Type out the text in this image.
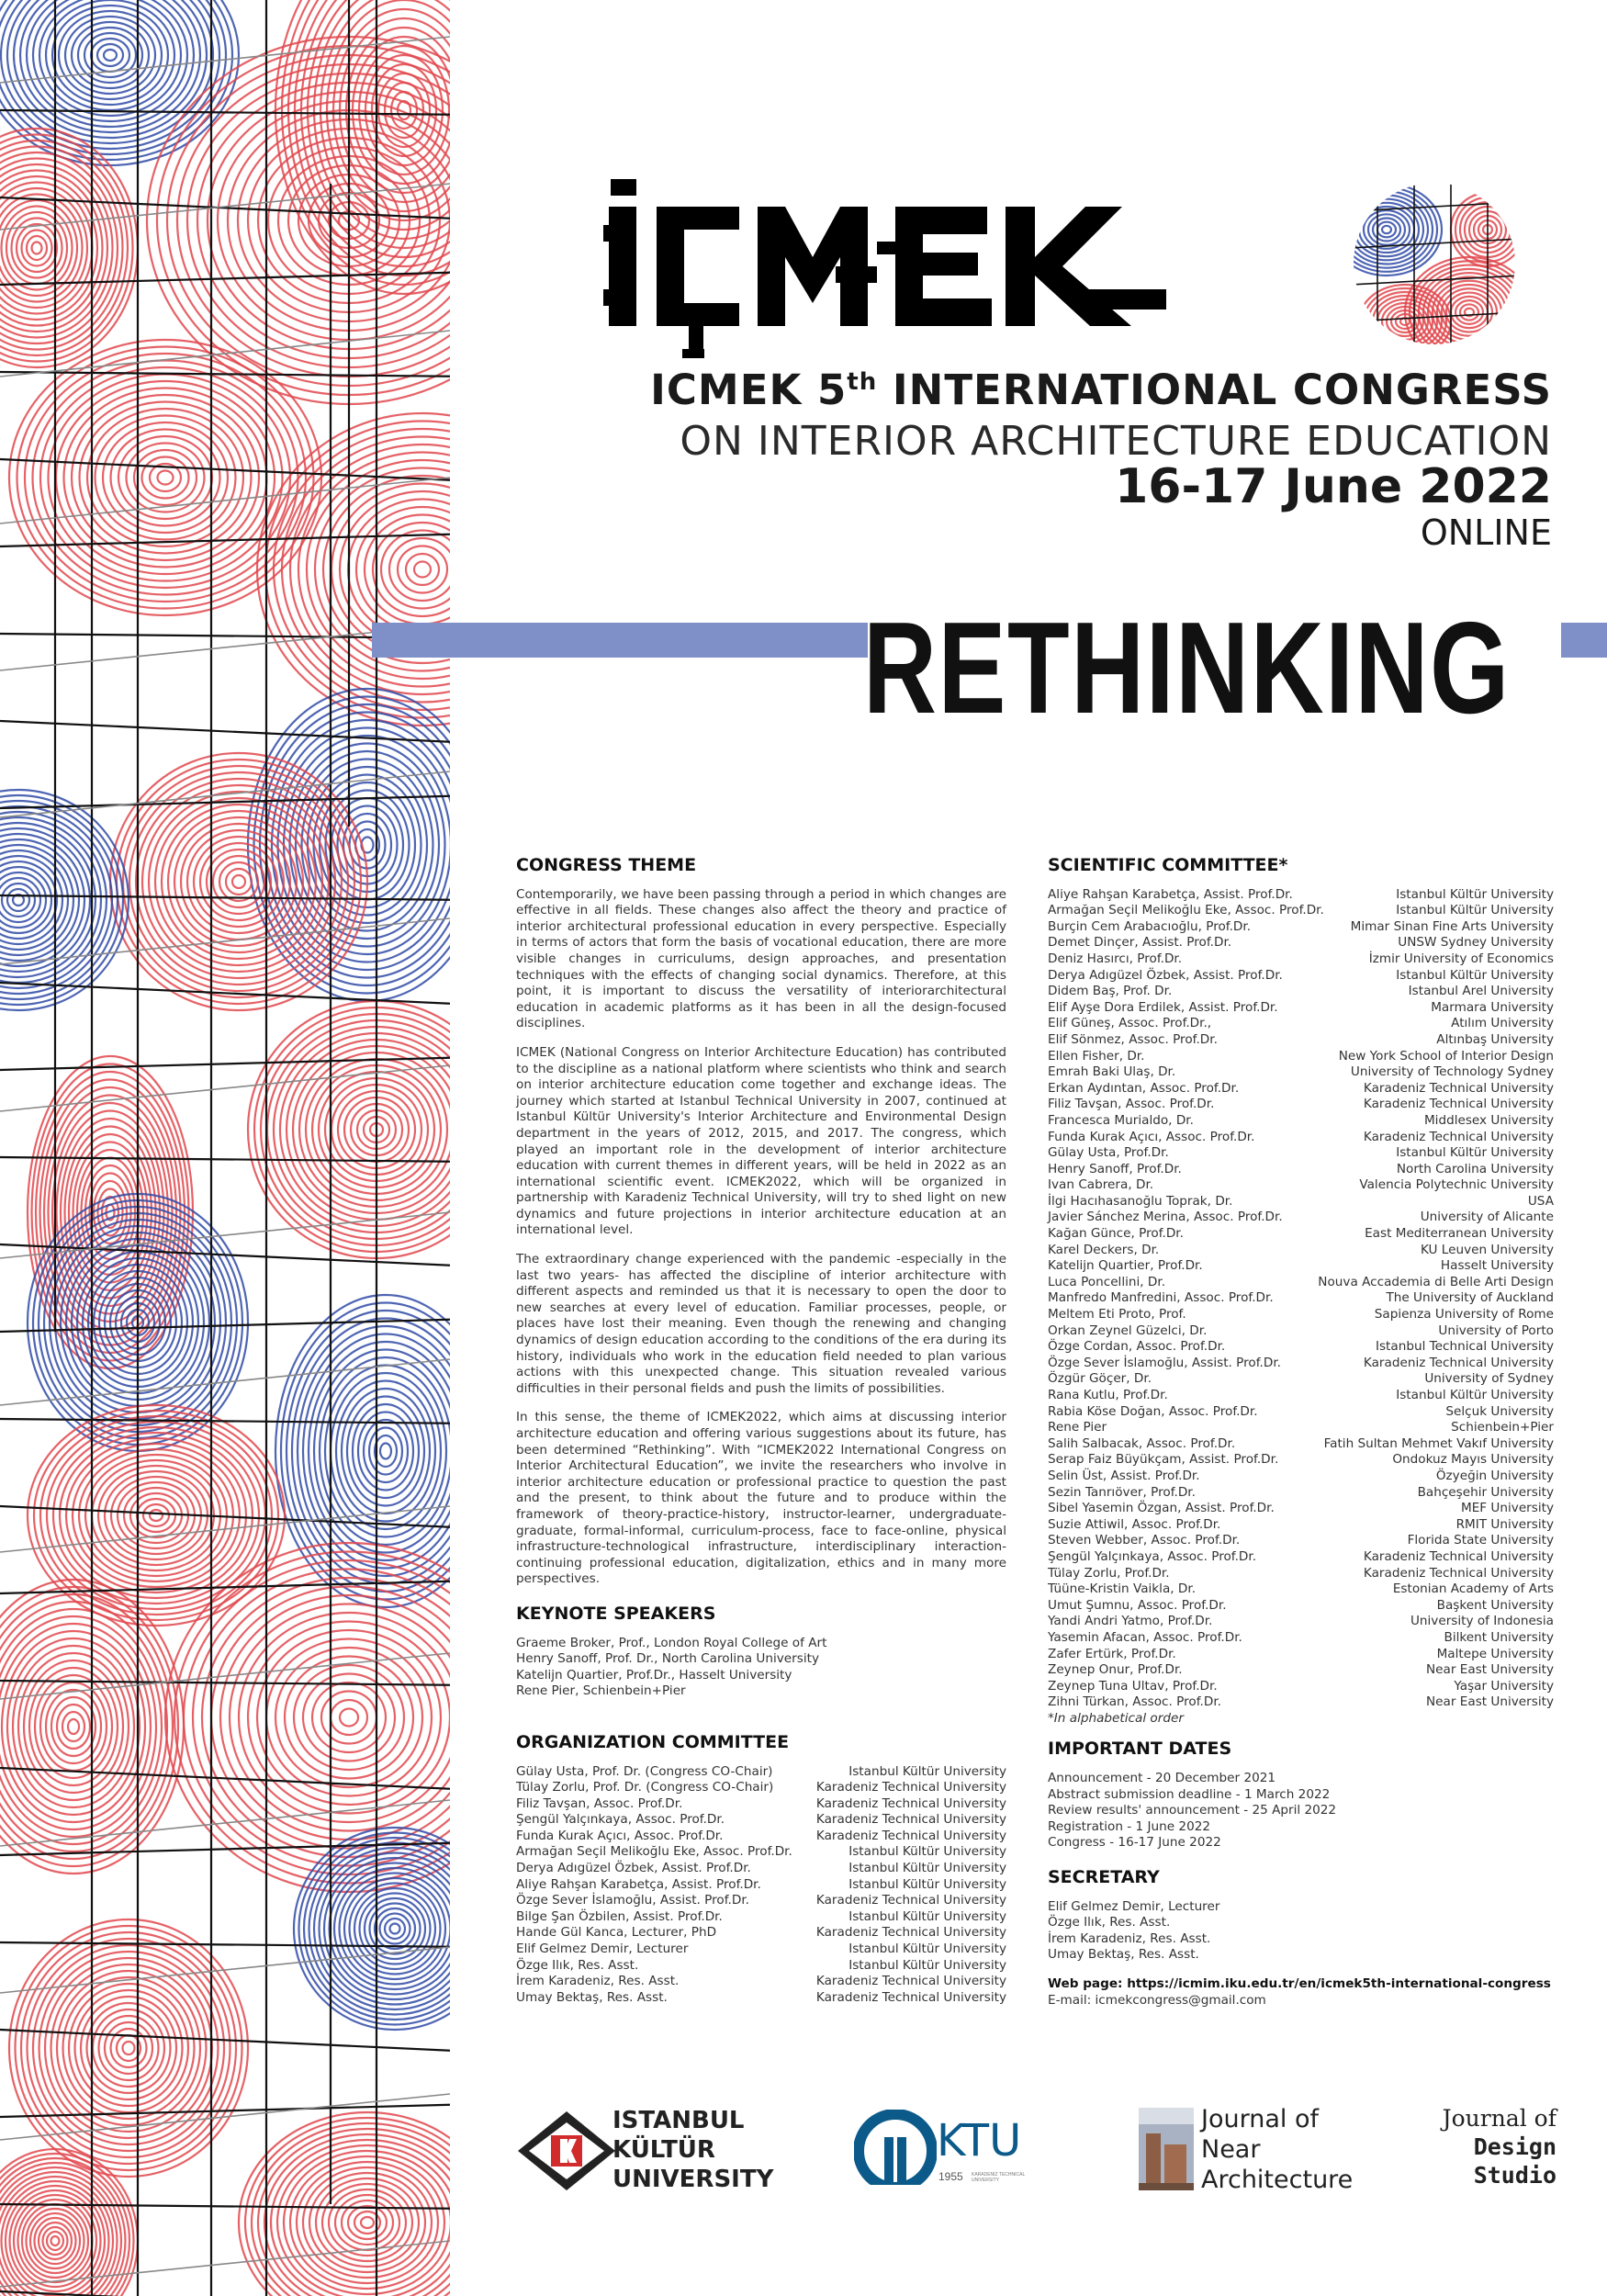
ICMEK 5th INTERNATIONAL CONGRESS
ON INTERIOR ARCHITECTURE EDUCATION
16-17 June 2022
ONLINE
RETHINKING
CONGRESS THEME
Contemporarily, we have been passing through a period in which changes are effective in all fields. These changes also affect the theory and practice of interior architectural professional education in every perspective. Especially in terms of actors that form the basis of vocational education, there are more visible changes in curriculums, design approaches, and presentation techniques with the effects of changing social dynamics. Therefore, at this point, it is important to discuss the versatility of interiorarchitectural education in academic platforms as it has been in all the design-focused disciplines.
ICMEK (National Congress on Interior Architecture Education) has contributed to the discipline as a national platform where scientists who think and search on interior architecture education come together and exchange ideas. The journey which started at Istanbul Technical University in 2007, continued at Istanbul Kültür University's Interior Architecture and Environmental Design department in the years of 2012, 2015, and 2017. The congress, which played an important role in the development of interior architecture education with current themes in different years, will be held in 2022 as an international scientific event. ICMEK2022, which will be organized in partnership with Karadeniz Technical University, will try to shed light on new dynamics and future projections in interior architecture education at an international level.
The extraordinary change experienced with the pandemic -especially in the last two years- has affected the discipline of interior architecture with different aspects and reminded us that it is necessary to open the door to new searches at every level of education. Familiar processes, people, or places have lost their meaning. Even though the renewing and changing dynamics of design education according to the conditions of the era during its history, individuals who work in the education field needed to plan various actions with this unexpected change. This situation revealed various difficulties in their personal fields and push the limits of possibilities.
In this sense, the theme of ICMEK2022, which aims at discussing interior architecture education and offering various suggestions about its future, has been determined “Rethinking”. With “ICMEK2022 International Congress on Interior Architectural Education”, we invite the researchers who involve in interior architecture education or professional practice to question the past and the present, to think about the future and to produce within the framework of theory-practice-history, instructor-learner, undergraduate-graduate, formal-informal, curriculum-process, face to face-online, physical infrastructure-technological infrastructure, interdisciplinary interaction-continuing professional education, digitalization, ethics and in many more perspectives.
KEYNOTE SPEAKERS
Graeme Broker, Prof., London Royal College of Art
Henry Sanoff, Prof. Dr., North Carolina University
Katelijn Quartier, Prof.Dr., Hasselt University
Rene Pier, Schienbein+Pier
ORGANIZATION COMMITTEE
Gülay Usta, Prof. Dr. (Congress CO-Chair)	Istanbul Kültür University
Tülay Zorlu, Prof. Dr. (Congress CO-Chair)	Karadeniz Technical University
Filiz Tavşan, Assoc. Prof.Dr.	Karadeniz Technical University
Şengül Yalçınkaya, Assoc. Prof.Dr.	Karadeniz Technical University
Funda Kurak Açıcı, Assoc. Prof.Dr.	Karadeniz Technical University
Armağan Seçil Melikoğlu Eke, Assoc. Prof.Dr.	Istanbul Kültür University
Derya Adıgüzel Özbek, Assist. Prof.Dr.	Istanbul Kültür University
Aliye Rahşan Karabetça, Assist. Prof.Dr.	Istanbul Kültür University
Özge Sever İslamoğlu, Assist. Prof.Dr.	Karadeniz Technical University
Bilge Şan Özbilen, Assist. Prof.Dr.	Istanbul Kültür University
Hande Gül Kanca, Lecturer, PhD	Karadeniz Technical University
Elif Gelmez Demir, Lecturer	Istanbul Kültür University
Özge Ilık, Res. Asst.	Istanbul Kültür University
İrem Karadeniz, Res. Asst.	Karadeniz Technical University
Umay Bektaş, Res. Asst.	Karadeniz Technical University
SCIENTIFIC COMMITTEE*
Aliye Rahşan Karabetça, Assist. Prof.Dr.	Istanbul Kültür University
Armağan Seçil Melikoğlu Eke, Assoc. Prof.Dr.	Istanbul Kültür University
Burçin Cem Arabacıoğlu, Prof.Dr.	Mimar Sinan Fine Arts University
Demet Dinçer, Assist. Prof.Dr.	UNSW Sydney University
Deniz Hasırcı, Prof.Dr.	İzmir University of Economics
Derya Adıgüzel Özbek, Assist. Prof.Dr.	Istanbul Kültür University
Didem Baş, Prof. Dr.	Istanbul Arel University
Elif Ayşe Dora Erdilek, Assist. Prof.Dr.	Marmara University
Elif Güneş, Assoc. Prof.Dr.,	Atılım University
Elif Sönmez, Assoc. Prof.Dr.	Altınbaş University
Ellen Fisher, Dr.	New York School of Interior Design
Emrah Baki Ulaş, Dr.	University of Technology Sydney
Erkan Aydıntan, Assoc. Prof.Dr.	Karadeniz Technical University
Filiz Tavşan, Assoc. Prof.Dr.	Karadeniz Technical University
Francesca Murialdo, Dr.	Middlesex University
Funda Kurak Açıcı, Assoc. Prof.Dr.	Karadeniz Technical University
Gülay Usta, Prof.Dr.	Istanbul Kültür University
Henry Sanoff, Prof.Dr.	North Carolina University
Ivan Cabrera, Dr.	Valencia Polytechnic University
İlgi Hacıhasanoğlu Toprak, Dr.	USA
Javier Sánchez Merina, Assoc. Prof.Dr.	University of Alicante
Kağan Günce, Prof.Dr.	East Mediterranean University
Karel Deckers, Dr.	KU Leuven University
Katelijn Quartier, Prof.Dr.	Hasselt University
Luca Poncellini, Dr.	Nouva Accademia di Belle Arti Design
Manfredo Manfredini, Assoc. Prof.Dr.	The University of Auckland
Meltem Eti Proto, Prof.	Sapienza University of Rome
Orkan Zeynel Güzelci, Dr.	University of Porto
Özge Cordan, Assoc. Prof.Dr.	Istanbul Technical University
Özge Sever İslamoğlu, Assist. Prof.Dr.	Karadeniz Technical University
Özgür Göçer, Dr.	University of Sydney
Rana Kutlu, Prof.Dr.	Istanbul Kültür University
Rabia Köse Doğan, Assoc. Prof.Dr.	Selçuk University
Rene Pier	Schienbein+Pier
Salih Salbacak, Assoc. Prof.Dr.	Fatih Sultan Mehmet Vakıf University
Serap Faiz Büyükçam, Assist. Prof.Dr.	Ondokuz Mayıs University
Selin Üst, Assist. Prof.Dr.	Özyeğin University
Sezin Tanrıöver, Prof.Dr.	Bahçeşehir University
Sibel Yasemin Özgan, Assist. Prof.Dr.	MEF University
Suzie Attiwil, Assoc. Prof.Dr.	RMIT University
Steven Webber, Assoc. Prof.Dr.	Florida State University
Şengül Yalçınkaya, Assoc. Prof.Dr.	Karadeniz Technical University
Tülay Zorlu, Prof.Dr.	Karadeniz Technical University
Tüüne-Kristin Vaikla, Dr.	Estonian Academy of Arts
Umut Şumnu, Assoc. Prof.Dr.	Başkent University
Yandi Andri Yatmo, Prof.Dr.	University of Indonesia
Yasemin Afacan, Assoc. Prof.Dr.	Bilkent University
Zafer Ertürk, Prof.Dr.	Maltepe University
Zeynep Onur, Prof.Dr.	Near East University
Zeynep Tuna Ultav, Prof.Dr.	Yaşar University
Zihni Türkan, Assoc. Prof.Dr.	Near East University
*In alphabetical order
IMPORTANT DATES
Announcement - 20 December 2021
Abstract submission deadline - 1 March 2022
Review results' announcement - 25 April 2022
Registration - 1 June 2022
Congress - 16-17 June 2022
SECRETARY
Elif Gelmez Demir, Lecturer
Özge Ilık, Res. Asst.
İrem Karadeniz, Res. Asst.
Umay Bektaş, Res. Asst.
Web page: https://icmim.iku.edu.tr/en/icmek5th-international-congress
E-mail: icmekcongress@gmail.com
ISTANBUL
KÜLTÜR
UNIVERSITY
KTU
1955 KARADENİZ TECHNICAL UNIVERSITY
Journal of
Near
Architecture
Journal of
Design
Studio
